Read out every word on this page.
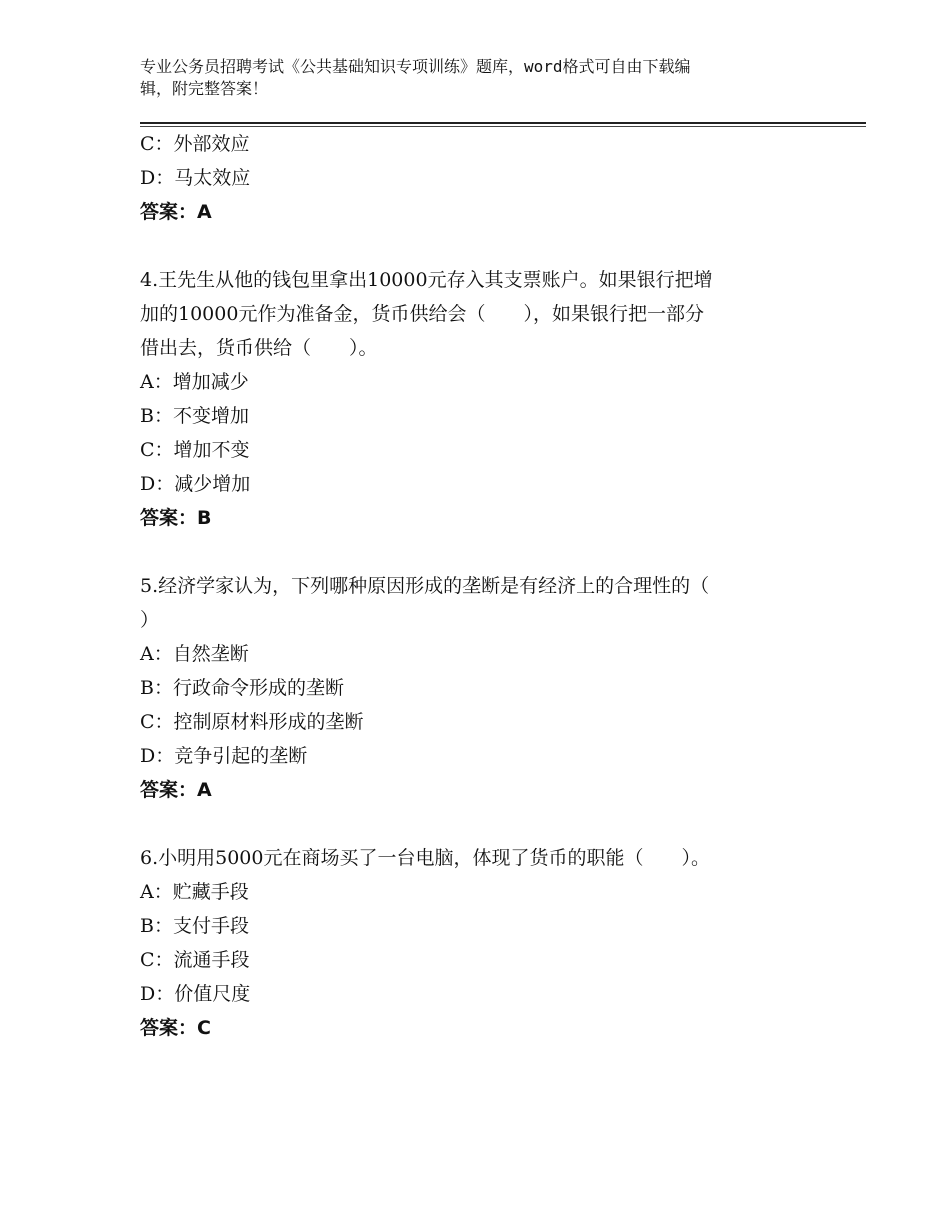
专业公务员招聘考试《公共基础知识专项训练》题库，word格式可自由下载编
辑，附完整答案！
C：外部效应
D：马太效应
答案：A
4.王先生从他的钱包里拿出10000元存入其支票账户。如果银行把增
加的10000元作为准备金，货币供给会（　　），如果银行把一部分
借出去，货币供给（　　）。
A：增加减少
B：不变增加
C：增加不变
D：减少增加
答案：B
5.经济学家认为，下列哪种原因形成的垄断是有经济上的合理性的（
）
A：自然垄断
B：行政命令形成的垄断
C：控制原材料形成的垄断
D：竞争引起的垄断
答案：A
6.小明用5000元在商场买了一台电脑，体现了货币的职能（　　）。
A：贮藏手段
B：支付手段
C：流通手段
D：价值尺度
答案：C
